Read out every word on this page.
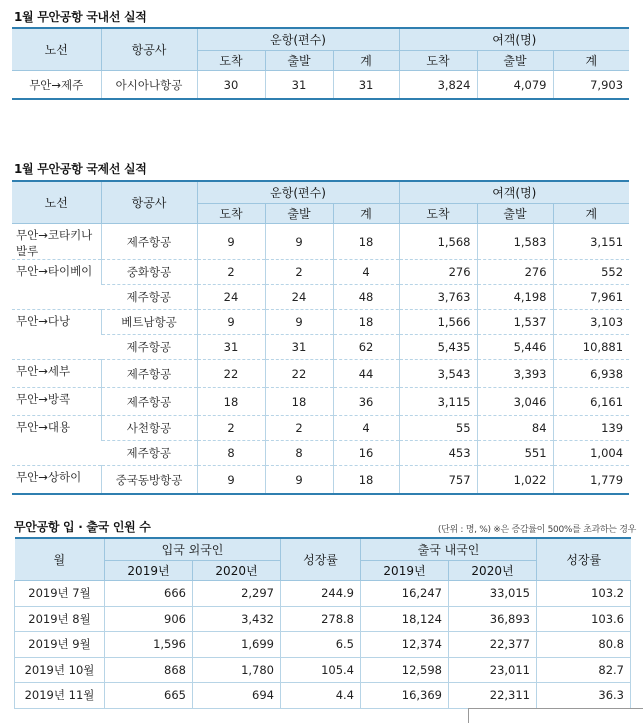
1월 무안공항 국내선 실적
노선	항공사	운항(편수)			여객(명)		
		도착	출발	계	도착	출발	계
무안→제주	아시아나항공	30	31	31	3,824	4,079	7,903
1월 무안공항 국제선 실적
노선	항공사	운항(편수)			여객(명)		
		도착	출발	계	도착	출발	계
무안→코타키나발루	제주항공	9	9	18	1,568	1,583	3,151
무안→타이베이	중화항공	2	2	4	276	276	552
	제주항공	24	24	48	3,763	4,198	7,961
무안→다낭	베트남항공	9	9	18	1,566	1,537	3,103
	제주항공	31	31	62	5,435	5,446	10,881
무안→세부	제주항공	22	22	44	3,543	3,393	6,938
무안→방콕	제주항공	18	18	36	3,115	3,046	6,161
무안→대용	사천항공	2	2	4	55	84	139
	제주항공	8	8	16	453	551	1,004
무안→상하이	중국동방항공	9	9	18	757	1,022	1,779
무안공항 입 · 출국 인원 수	(단위 : 명, %) ※은 증감률이 500%를 초과하는 경우
월	입국 외국인		성장률	출국 내국인		성장률
	2019년	2020년		2019년	2020년	
2019년 7월	666	2,297	244.9	16,247	33,015	103.2
2019년 8월	906	3,432	278.8	18,124	36,893	103.6
2019년 9월	1,596	1,699	6.5	12,374	22,377	80.8
2019년 10월	868	1,780	105.4	12,598	23,011	82.7
2019년 11월	665	694	4.4	16,369	22,311	36.3
